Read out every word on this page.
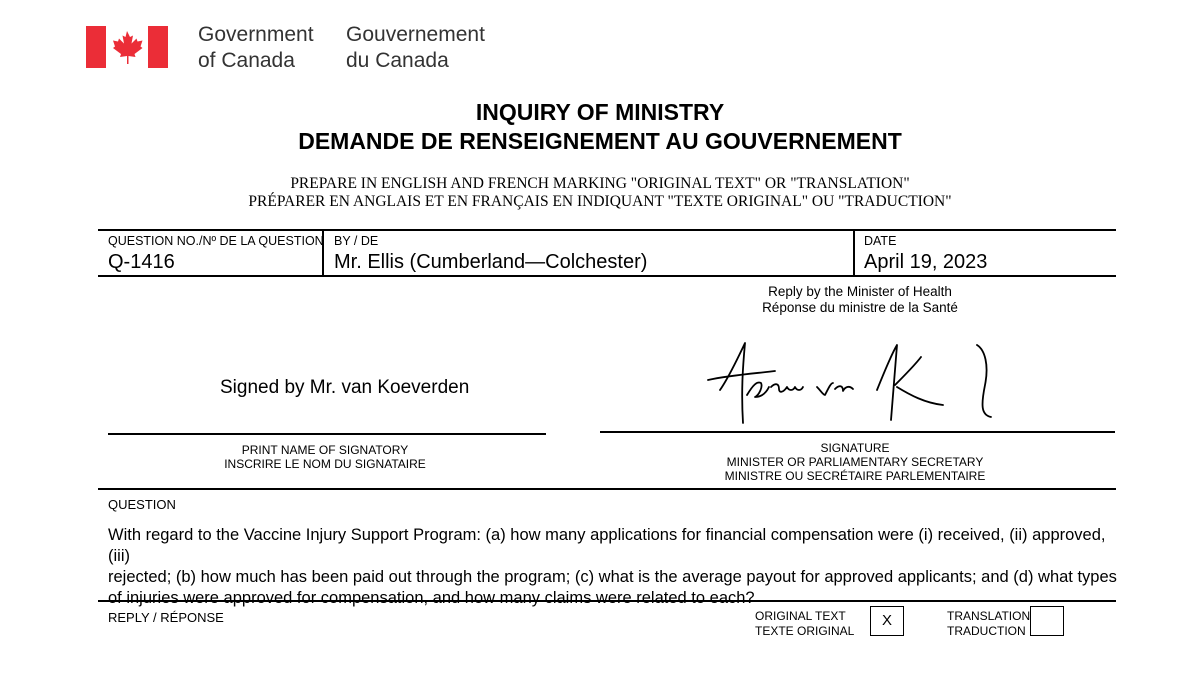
Government
of Canada
Gouvernement
du Canada
INQUIRY OF MINISTRY
DEMANDE DE RENSEIGNEMENT AU GOUVERNEMENT
PREPARE IN ENGLISH AND FRENCH MARKING "ORIGINAL TEXT" OR "TRANSLATION"
PRÉPARER EN ANGLAIS ET EN FRANÇAIS EN INDIQUANT "TEXTE ORIGINAL" OU "TRADUCTION"
QUESTION NO./Nº DE LA QUESTION
Q-1416
BY / DE
Mr. Ellis (Cumberland—Colchester)
DATE
April 19, 2023
Reply by the Minister of Health
Réponse du ministre de la Santé
Signed by Mr. van Koeverden
PRINT NAME OF SIGNATORY
INSCRIRE LE NOM DU SIGNATAIRE
SIGNATURE
MINISTER OR PARLIAMENTARY SECRETARY
MINISTRE OU SECRÉTAIRE PARLEMENTAIRE
QUESTION
With regard to the Vaccine Injury Support Program: (a) how many applications for financial compensation were (i) received, (ii) approved, (iii)
rejected; (b) how much has been paid out through the program; (c) what is the average payout for approved applicants; and (d) what types
of injuries were approved for compensation, and how many claims were related to each?
REPLY / RÉPONSE	ORIGINAL TEXT
TEXTE ORIGINAL
X	TRANSLATION
TRADUCTION
